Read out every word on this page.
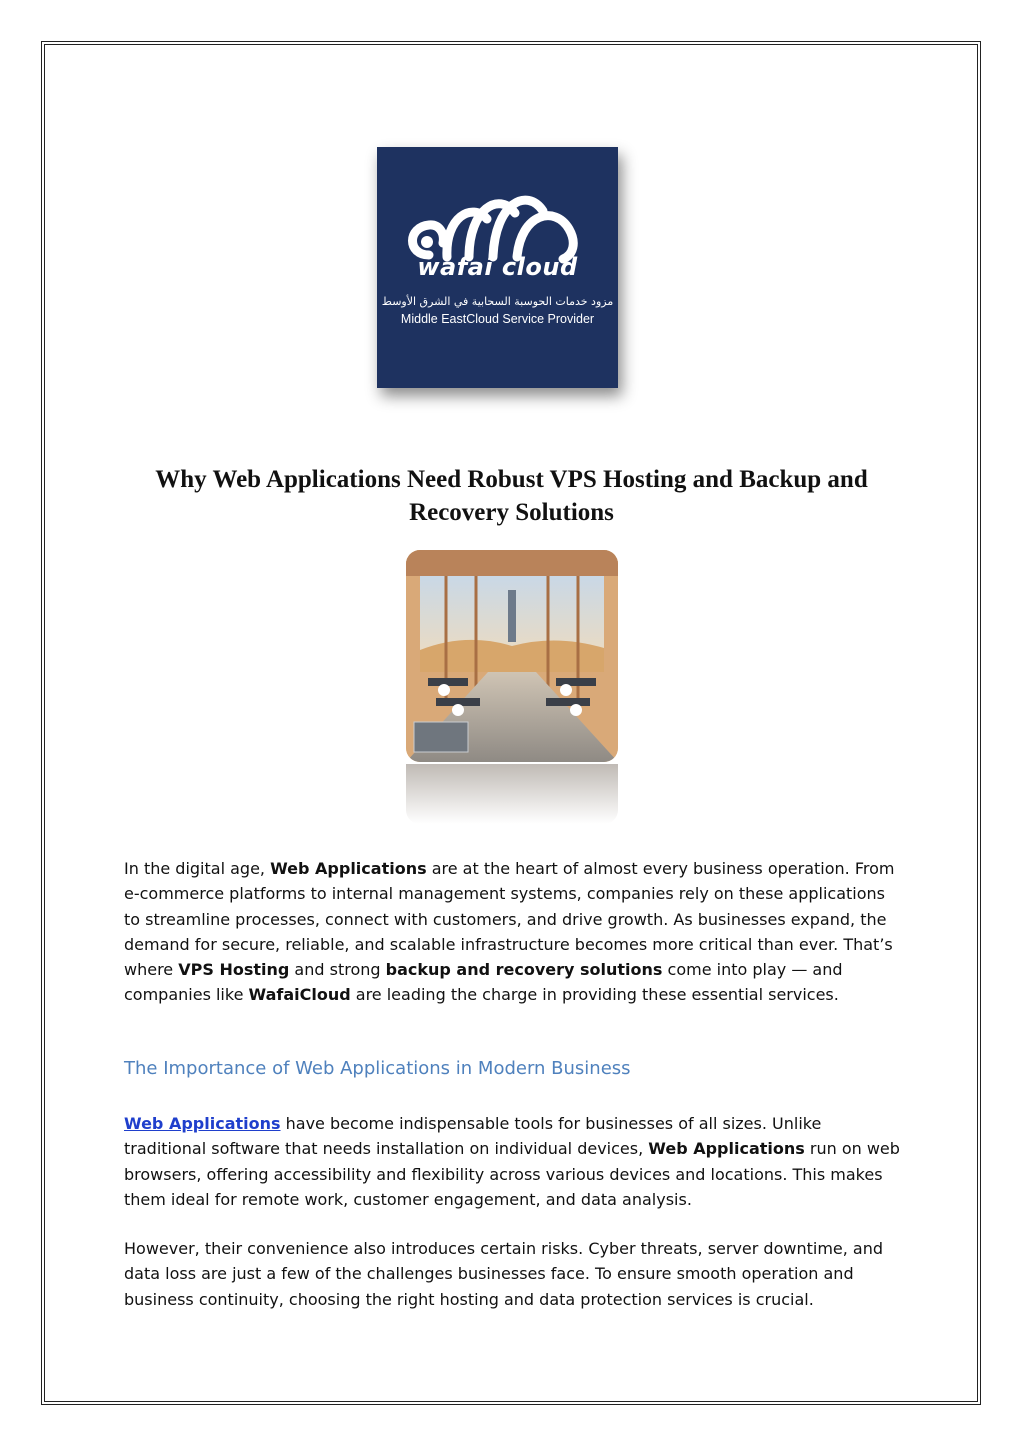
wafai cloud
مزود خدمات الحوسبة السحابية في الشرق الأوسط
Middle EastCloud Service Provider
Why Web Applications Need Robust VPS Hosting and Backup and Recovery Solutions

In the digital age, Web Applications are at the heart of almost every business operation. From e-commerce platforms to internal management systems, companies rely on these applications to streamline processes, connect with customers, and drive growth. As businesses expand, the demand for secure, reliable, and scalable infrastructure becomes more critical than ever. That’s where VPS Hosting and strong backup and recovery solutions come into play — and companies like WafaiCloud are leading the charge in providing these essential services.

The Importance of Web Applications in Modern Business

Web Applications have become indispensable tools for businesses of all sizes. Unlike traditional software that needs installation on individual devices, Web Applications run on web browsers, offering accessibility and flexibility across various devices and locations. This makes them ideal for remote work, customer engagement, and data analysis.

However, their convenience also introduces certain risks. Cyber threats, server downtime, and data loss are just a few of the challenges businesses face. To ensure smooth operation and business continuity, choosing the right hosting and data protection services is crucial.
